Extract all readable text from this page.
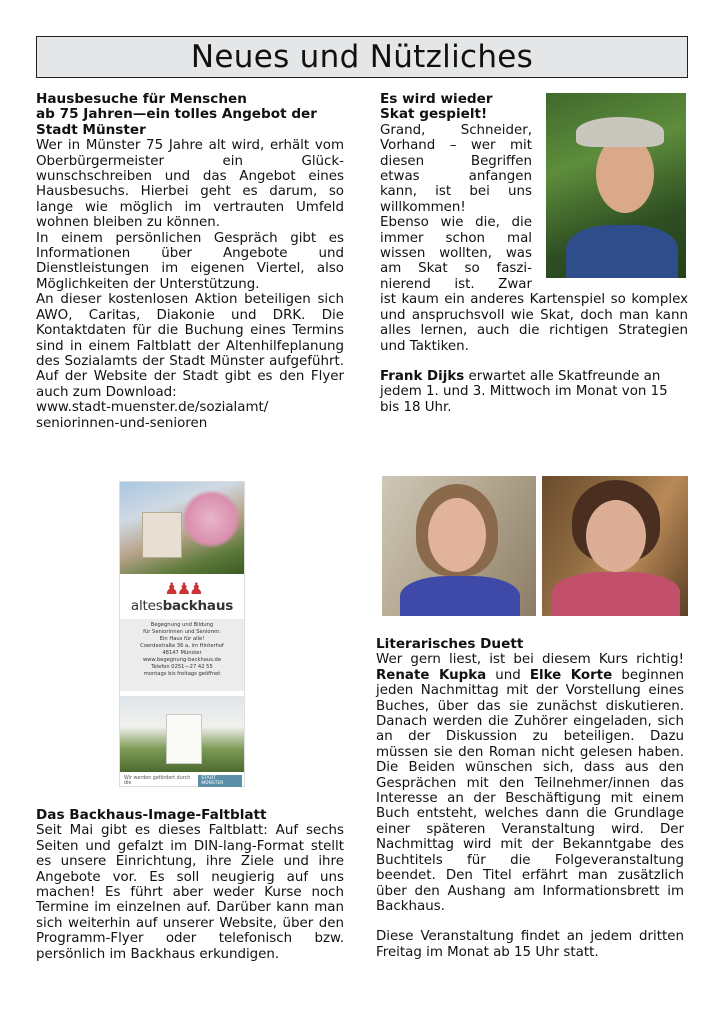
Neues und Nützliches
Hausbesuche für Menschen
ab 75 Jahren—ein tolles Angebot der
Stadt Münster

Wer in Münster 75 Jahre alt wird, erhält vom Oberbürgermeister ein Glück-wunschschreiben und das Angebot eines Hausbesuchs. Hierbei geht es darum, so lange wie möglich im vertrauten Umfeld wohnen bleiben zu können.

In einem persönlichen Gespräch gibt es Informationen über Angebote und Dienstleistungen im eigenen Viertel, also Möglichkeiten der Unterstützung.

An dieser kostenlosen Aktion beteiligen sich AWO, Caritas, Diakonie und DRK. Die Kontaktdaten für die Buchung eines Termins sind in einem Faltblatt der Altenhilfeplanung des Sozialamts der Stadt Münster aufgeführt. Auf der Website der Stadt gibt es den Flyer auch zum Download:

www.stadt-muenster.de/sozialamt/
seniorinnen-und-senioren

Es wird wieder
Skat gespielt!
Grand, Schneider,
Vorhand – wer mit
diesen Begriffen
etwas anfangen
kann, ist bei uns
willkommen!
Ebenso wie die, die
immer schon mal
wissen wollten, was
am Skat so faszi-
nierend ist. Zwar

ist kaum ein anderes Kartenspiel so komplex und anspruchsvoll wie Skat, doch man kann alles lernen, auch die richtigen Strategien und Taktiken.

Frank Dijks erwartet alle Skatfreunde an jedem 1. und 3. Mittwoch im Monat von 15 bis 18 Uhr.

♟♟♟
altesbackhaus
Begegnung und Bildung
für Seniorinnen und Senioren:
Ein Haus für alle!
Coerdestraße 36 a, im Hinterhof
48147 Münster
www.begegnung-backhaus.de
Telefon 0251—27 42 55
montags bis freitags geöffnet
Wir werden gefördert durch die
STADT MÜNSTER
Das Backhaus-Image-Faltblatt

Seit Mai gibt es dieses Faltblatt: Auf sechs Seiten und gefalzt im DIN-lang-Format stellt es unsere Einrichtung, ihre Ziele und ihre Angebote vor. Es soll neugierig auf uns machen! Es führt aber weder Kurse noch Termine im einzelnen auf. Darüber kann man sich weiterhin auf unserer Website, über den Programm-Flyer oder telefonisch bzw. persönlich im Backhaus erkundigen.

Literarisches Duett

Wer gern liest, ist bei diesem Kurs richtig! Renate Kupka und Elke Korte beginnen jeden Nachmittag mit der Vorstellung eines Buches, über das sie zunächst diskutieren. Danach werden die Zuhörer eingeladen, sich an der Diskussion zu beteiligen. Dazu müssen sie den Roman nicht gelesen haben. Die Beiden wünschen sich, dass aus den Gesprächen mit den Teilnehmer/innen das Interesse an der Beschäftigung mit einem Buch entsteht, welches dann die Grundlage einer späteren Veranstaltung wird. Der Nachmittag wird mit der Bekanntgabe des Buchtitels für die Folgeveranstaltung beendet. Den Titel erfährt man zusätzlich über den Aushang am Informationsbrett im Backhaus.

Diese Veranstaltung findet an jedem dritten Freitag im Monat ab 15 Uhr statt.
